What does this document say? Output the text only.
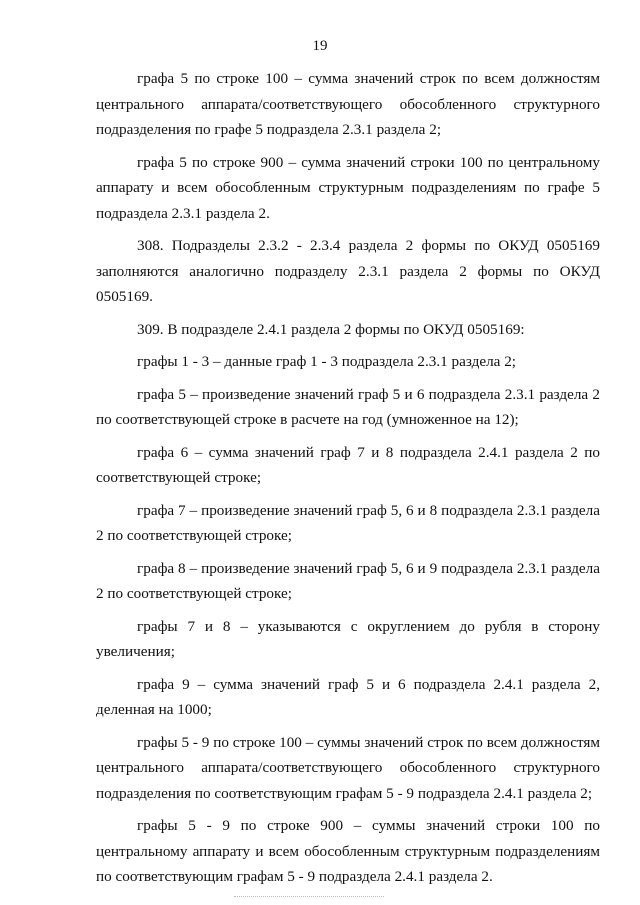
19

графа 5 по строке 100 – сумма значений строк по всем должностям центрального аппарата/соответствующего обособленного структурного подразделения по графе 5 подраздела 2.3.1 раздела 2;

графа 5 по строке 900 – сумма значений строки 100 по центральному аппарату и всем обособленным структурным подразделениям по графе 5 подраздела 2.3.1 раздела 2.

308. Подразделы 2.3.2 - 2.3.4 раздела 2 формы по ОКУД 0505169 заполняются аналогично подразделу 2.3.1 раздела 2 формы по ОКУД 0505169.

309. В подразделе 2.4.1 раздела 2 формы по ОКУД 0505169:

графы 1 - 3 – данные граф 1 - 3 подраздела 2.3.1 раздела 2;

графа 5 – произведение значений граф 5 и 6 подраздела 2.3.1 раздела 2 по соответствующей строке в расчете на год (умноженное на 12);

графа 6 – сумма значений граф 7 и 8 подраздела 2.4.1 раздела 2 по соответствующей строке;

графа 7 – произведение значений граф 5, 6 и 8 подраздела 2.3.1 раздела 2 по соответствующей строке;

графа 8 – произведение значений граф 5, 6 и 9 подраздела 2.3.1 раздела 2 по соответствующей строке;

графы 7 и 8 – указываются с округлением до рубля в сторону увеличения;

графа 9 – сумма значений граф 5 и 6 подраздела 2.4.1 раздела 2, деленная на 1000;

графы 5 - 9 по строке 100 – суммы значений строк по всем должностям центрального аппарата/соответствующего обособленного структурного подразделения по соответствующим графам 5 - 9 подраздела 2.4.1 раздела 2;

графы 5 - 9 по строке 900 – суммы значений строки 100 по центральному аппарату и всем обособленным структурным подразделениям по соответствующим графам 5 - 9 подраздела 2.4.1 раздела 2.
